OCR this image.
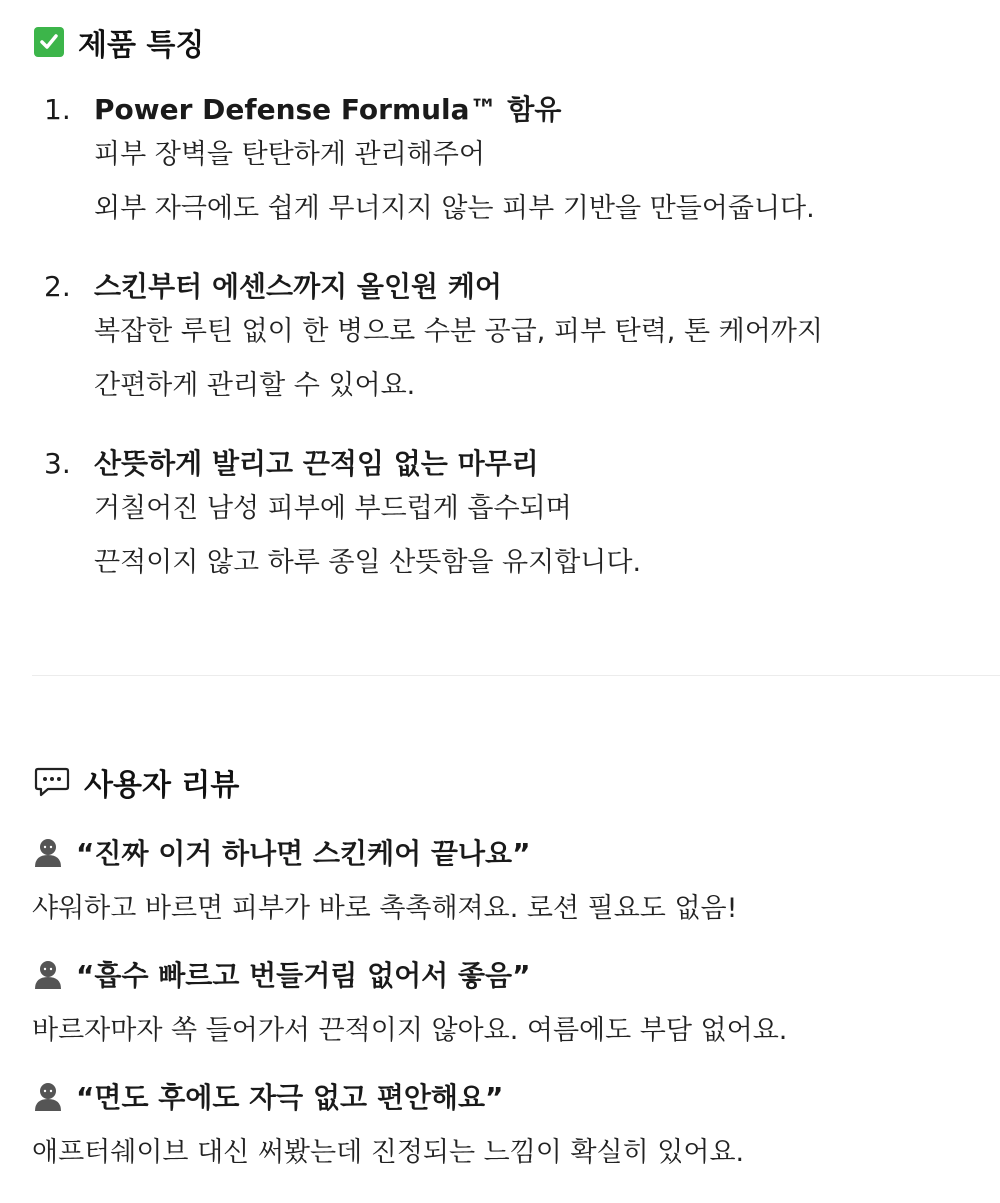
제품 특징
1. Power Defense Formula™ 함유
피부 장벽을 탄탄하게 관리해주어
외부 자극에도 쉽게 무너지지 않는 피부 기반을 만들어줍니다.
2. 스킨부터 에센스까지 올인원 케어
복잡한 루틴 없이 한 병으로 수분 공급, 피부 탄력, 톤 케어까지
간편하게 관리할 수 있어요.
3. 산뜻하게 발리고 끈적임 없는 마무리
거칠어진 남성 피부에 부드럽게 흡수되며
끈적이지 않고 하루 종일 산뜻함을 유지합니다.
사용자 리뷰
“진짜 이거 하나면 스킨케어 끝나요”
샤워하고 바르면 피부가 바로 촉촉해져요. 로션 필요도 없음!
“흡수 빠르고 번들거림 없어서 좋음”
바르자마자 쏙 들어가서 끈적이지 않아요. 여름에도 부담 없어요.
“면도 후에도 자극 없고 편안해요”
애프터쉐이브 대신 써봤는데 진정되는 느낌이 확실히 있어요.
